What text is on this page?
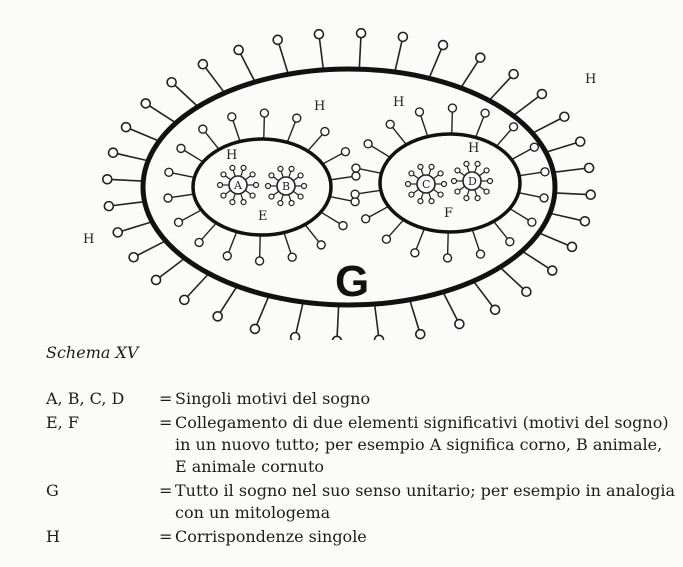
G
E	F
A	B	C	D
H
H	H
H
H
H
Schema XV
A, B, C, D = Singoli motivi del sogno
E, F	= Collegamento di due elementi significativi (motivi del sogno) in un nuovo tutto; per esempio A significa corno, B animale, E animale cornuto
G	= Tutto il sogno nel suo senso unitario; per esempio in analogia con un mitologema
H	= Corrispondenze singole
